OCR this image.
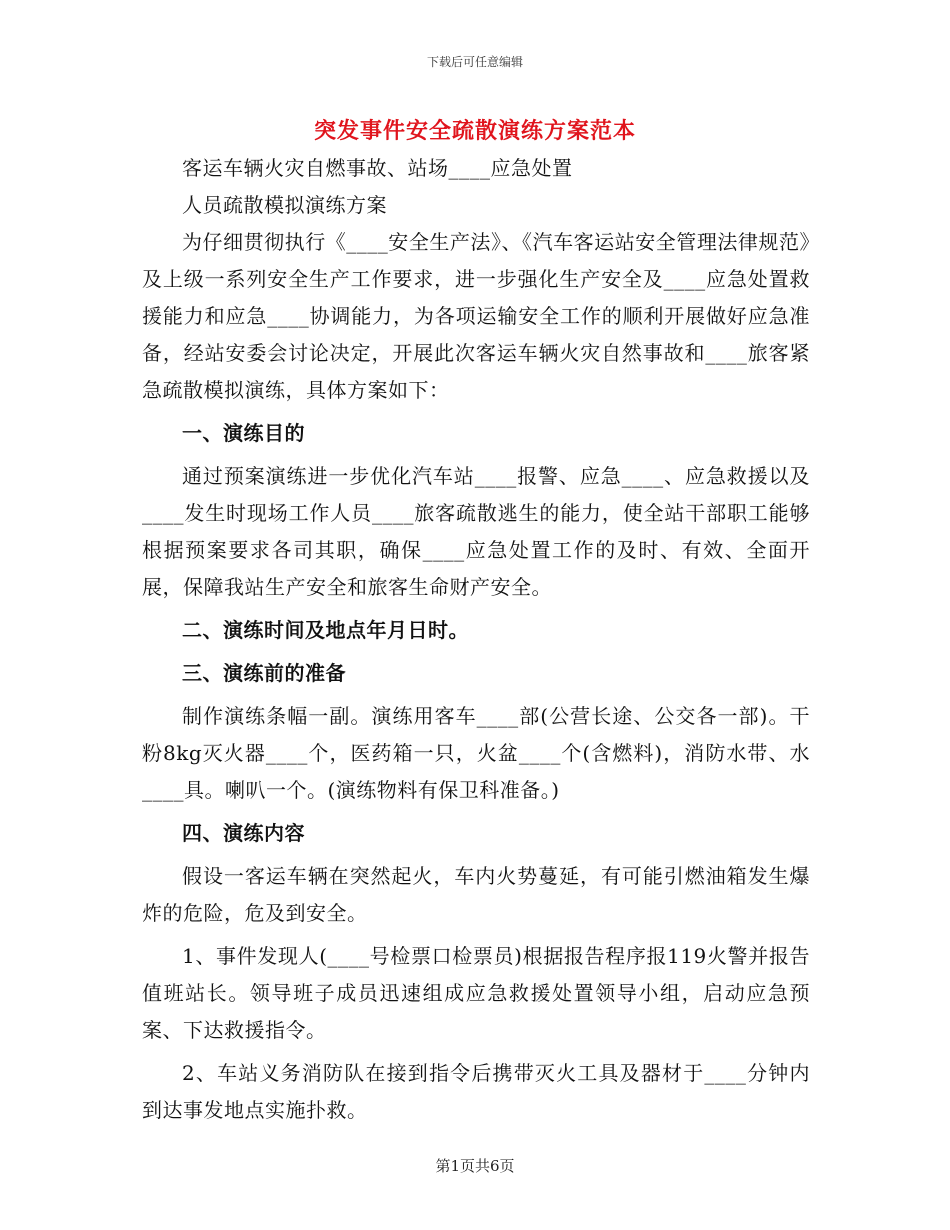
下载后可任意编辑
突发事件安全疏散演练方案范本

客运车辆火灾自燃事故、站场____应急处置

人员疏散模拟演练方案

为仔细贯彻执行《____安全生产法》、《汽车客运站安全管理法律规范》及上级一系列安全生产工作要求，进一步强化生产安全及____应急处置救援能力和应急____协调能力，为各项运输安全工作的顺利开展做好应急准备，经站安委会讨论决定，开展此次客运车辆火灾自然事故和____旅客紧急疏散模拟演练，具体方案如下：

一、演练目的

通过预案演练进一步优化汽车站____报警、应急____、应急救援以及____发生时现场工作人员____旅客疏散逃生的能力，使全站干部职工能够根据预案要求各司其职，确保____应急处置工作的及时、有效、全面开展，保障我站生产安全和旅客生命财产安全。

二、演练时间及地点年月日时。

三、演练前的准备

制作演练条幅一副。演练用客车____部(公营长途、公交各一部)。干粉8kg灭火器____个，医药箱一只，火盆____个(含燃料)，消防水带、水____具。喇叭一个。(演练物料有保卫科准备。)

四、演练内容

假设一客运车辆在突然起火，车内火势蔓延，有可能引燃油箱发生爆炸的危险，危及到安全。

1、事件发现人(____号检票口检票员)根据报告程序报119火警并报告值班站长。领导班子成员迅速组成应急救援处置领导小组，启动应急预案、下达救援指令。

2、车站义务消防队在接到指令后携带灭火工具及器材于____分钟内到达事发地点实施扑救。

第1页共6页
